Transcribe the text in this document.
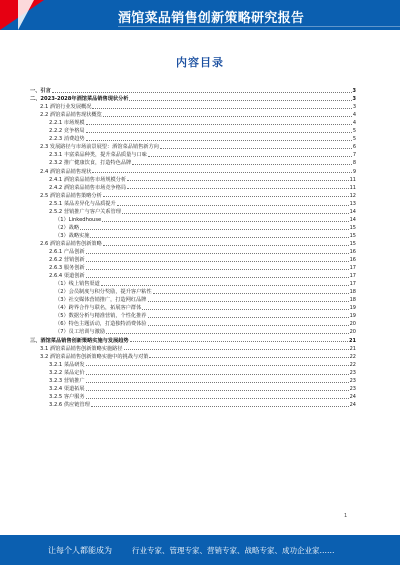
酒馆菜品销售创新策略研究报告
内容目录
一、引言	3
二、2023-2028年酒馆菜品销售现状分析	3
2.1 酒馆行业发展概况	3
2.2 酒馆菜品销售现状概览	4
2.2.1 市场规模	4
2.2.2 竞争格局	5
2.2.3 消费趋势	5
2.3 发展路径与市场前景展望：酒馆菜品销售新方向	6
2.3.1 丰富菜品种类，提升菜品质量与口味	7
2.3.2 推广健康饮食，打造特色品牌	8
2.4 酒馆菜品销售现状	9
2.4.1 酒馆菜品销售市场规模分析	11
2.4.2 酒馆菜品销售市场竞争格局	11
2.5 酒馆菜品销售策略分析	12
2.5.1 菜品差异化与品质提升	13
2.5.2 营销推广与客户关系管理	14
（1）Linkedhouse	14
（2）战略	15
（3）战略实施	15
2.6 酒馆菜品销售创新策略	15
2.6.1 产品创新	16
2.6.2 营销创新	16
2.6.3 服务创新	17
2.6.4 渠道创新	17
（1）线上销售渠道	17
（2）会员制度与积分奖励，提升客户粘性	18
（3）社交媒体营销推广，打造网红品牌	18
（4）跨界合作与联名，拓展客户群体	19
（5）数据分析与精准营销，个性化推荐	19
（6）特色主题活动，打造独特消费体验	20
（7）员工培训与激励	20
三、酒馆菜品销售创新策略实施与发展趋势	21
3.1 酒馆菜品销售创新策略实施路径	21
3.2 酒馆菜品销售创新策略实施中的挑战与对策	22
3.2.1 菜品研发	22
3.2.2 菜品定价	23
3.2.3 营销推广	23
3.2.4 渠道拓展	23
3.2.5 客户服务	24
3.2.6 供应链管理	24
1
让每个人都能成为	行业专家、管理专家、营销专家、战略专家、成功企业家……
